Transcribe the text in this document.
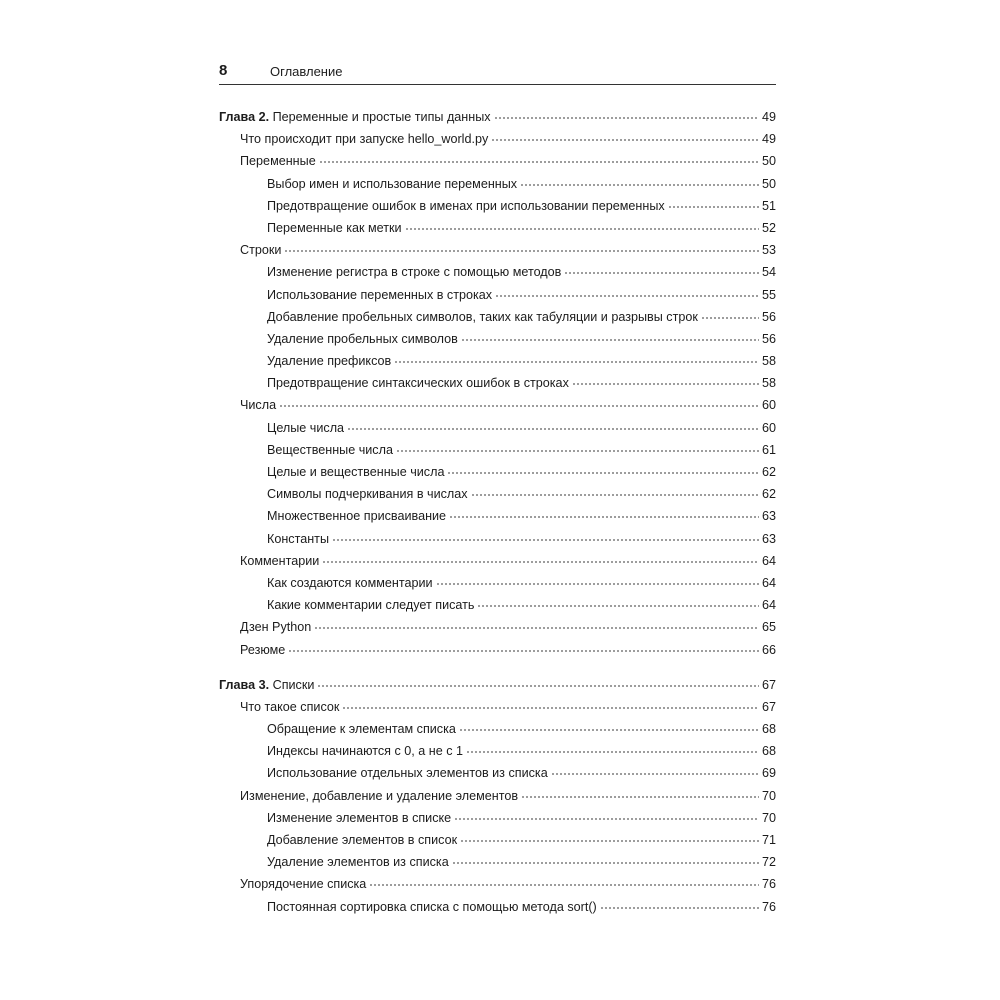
8	Оглавление
Глава 2. Переменные и простые типы данных	49
Что происходит при запуске hello_world.py	49
Переменные	50
Выбор имен и использование переменных	50
Предотвращение ошибок в именах при использовании переменных	51
Переменные как метки	52
Строки	53
Изменение регистра в строке с помощью методов	54
Использование переменных в строках	55
Добавление пробельных символов, таких как табуляции и разрывы строк	56
Удаление пробельных символов	56
Удаление префиксов	58
Предотвращение синтаксических ошибок в строках	58
Числа	60
Целые числа	60
Вещественные числа	61
Целые и вещественные числа	62
Символы подчеркивания в числах	62
Множественное присваивание	63
Константы	63
Комментарии	64
Как создаются комментарии	64
Какие комментарии следует писать	64
Дзен Python	65
Резюме	66
Глава 3. Списки	67
Что такое список	67
Обращение к элементам списка	68
Индексы начинаются с 0, а не с 1	68
Использование отдельных элементов из списка	69
Изменение, добавление и удаление элементов	70
Изменение элементов в списке	70
Добавление элементов в список	71
Удаление элементов из списка	72
Упорядочение списка	76
Постоянная сортировка списка с помощью метода sort()	76
